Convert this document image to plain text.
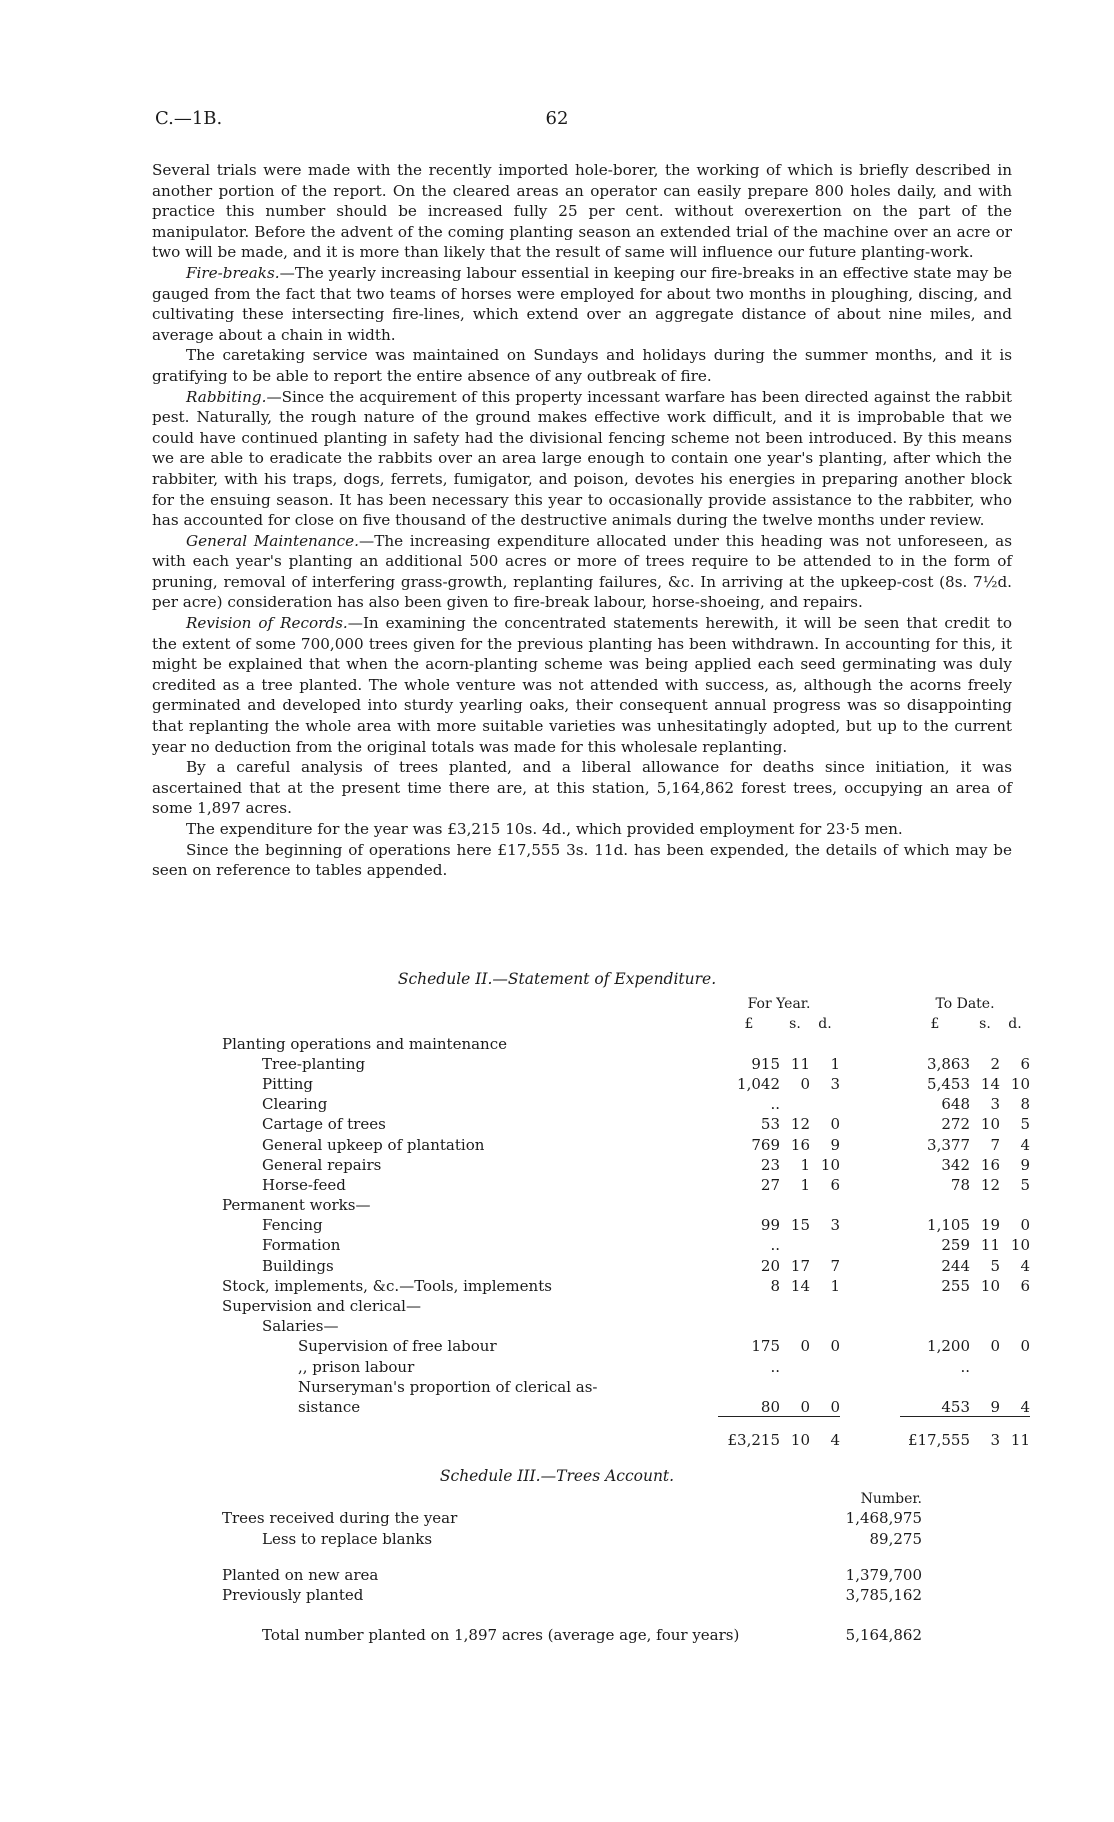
C.—1B.	62

Several trials were made with the recently imported hole-borer, the working of which is briefly described in another portion of the report. On the cleared areas an operator can easily prepare 800 holes daily, and with practice this number should be increased fully 25 per cent. without overexertion on the part of the manipulator. Before the advent of the coming planting season an extended trial of the machine over an acre or two will be made, and it is more than likely that the result of same will influence our future planting-work.

Fire-breaks.—The yearly increasing labour essential in keeping our fire-breaks in an effective state may be gauged from the fact that two teams of horses were employed for about two months in ploughing, discing, and cultivating these intersecting fire-lines, which extend over an aggregate distance of about nine miles, and average about a chain in width.

The caretaking service was maintained on Sundays and holidays during the summer months, and it is gratifying to be able to report the entire absence of any outbreak of fire.

Rabbiting.—Since the acquirement of this property incessant warfare has been directed against the rabbit pest. Naturally, the rough nature of the ground makes effective work difficult, and it is improbable that we could have continued planting in safety had the divisional fencing scheme not been introduced. By this means we are able to eradicate the rabbits over an area large enough to contain one year's planting, after which the rabbiter, with his traps, dogs, ferrets, fumigator, and poison, devotes his energies in preparing another block for the ensuing season. It has been necessary this year to occasionally provide assistance to the rabbiter, who has accounted for close on five thousand of the destructive animals during the twelve months under review.

General Maintenance.—The increasing expenditure allocated under this heading was not unforeseen, as with each year's planting an additional 500 acres or more of trees require to be attended to in the form of pruning, removal of interfering grass-growth, replanting failures, &c. In arriving at the upkeep-cost (8s. 7½d. per acre) consideration has also been given to fire-break labour, horse-shoeing, and repairs.

Revision of Records.—In examining the concentrated statements herewith, it will be seen that credit to the extent of some 700,000 trees given for the previous planting has been withdrawn. In accounting for this, it might be explained that when the acorn-planting scheme was being applied each seed germinating was duly credited as a tree planted. The whole venture was not attended with success, as, although the acorns freely germinated and developed into sturdy yearling oaks, their consequent annual progress was so disappointing that replanting the whole area with more suitable varieties was unhesitatingly adopted, but up to the current year no deduction from the original totals was made for this wholesale replanting.

By a careful analysis of trees planted, and a liberal allowance for deaths since initiation, it was ascertained that at the present time there are, at this station, 5,164,862 forest trees, occupying an area of some 1,897 acres.

The expenditure for the year was £3,215 10s. 4d., which provided employment for 23·5 men.

Since the beginning of operations here £17,555 3s. 11d. has been expended, the details of which may be seen on reference to tables appended.

Schedule II.—Statement of Expenditure.
	For Year.				To Date.		
	£	s.	d.		£	s.	d.
Planting operations and maintenance							
Tree-planting	915	11	1		3,863	2	6
Pitting	1,042	0	3		5,453	14	10
Clearing	..				648	3	8
Cartage of trees	53	12	0		272	10	5
General upkeep of plantation	769	16	9		3,377	7	4
General repairs	23	1	10		342	16	9
Horse-feed	27	1	6		78	12	5
Permanent works—							
Fencing	99	15	3		1,105	19	0
Formation	..				259	11	10
Buildings	20	17	7		244	5	4
Stock, implements, &c.—Tools, implements	8	14	1		255	10	6
Supervision and clerical—							
Salaries—							
Supervision of free labour	175	0	0		1,200	0	0
,, prison labour	..				..		
Nurseryman's proportion of clerical as-							
sistance	80	0	0		453	9	4
	£3,215	10	4		£17,555	3	11
Schedule III.—Trees Account.
	Number.
Trees received during the year	1,468,975
Less to replace blanks	89,275
Planted on new area	1,379,700
Previously planted	3,785,162
Total number planted on 1,897 acres (average age, four years)	5,164,862
